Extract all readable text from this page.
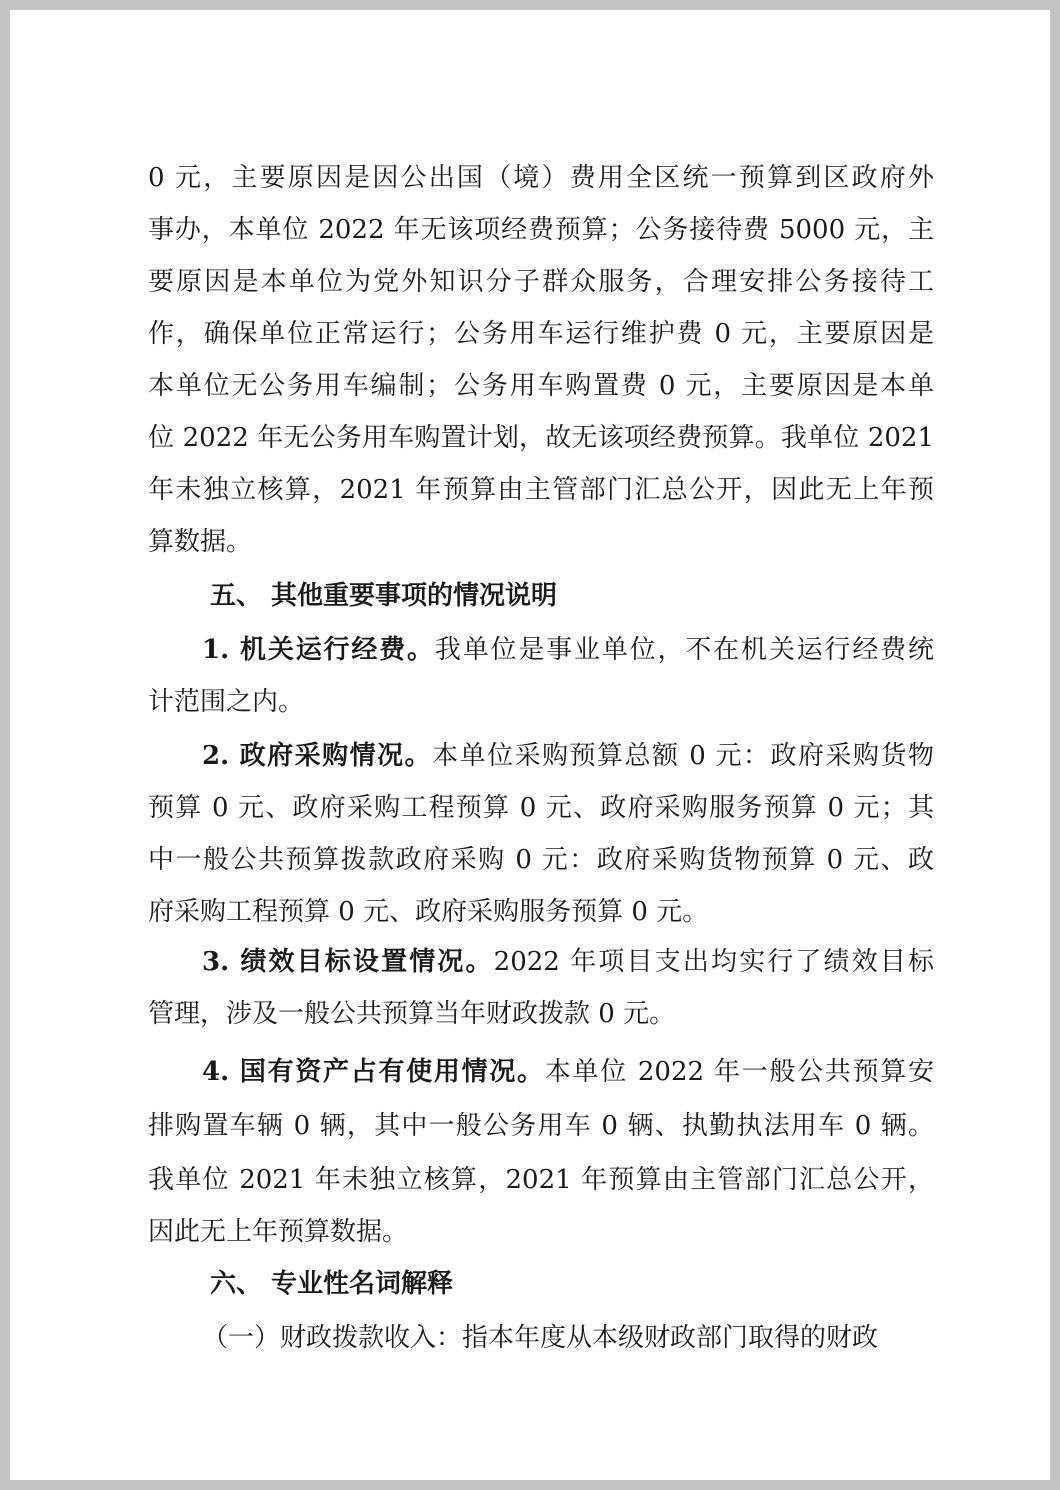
0 元，主要原因是因公出国（境）费用全区统一预算到区政府外
事办，本单位 2022 年无该项经费预算；公务接待费 5000 元，主
要原因是本单位为党外知识分子群众服务，合理安排公务接待工
作，确保单位正常运行；公务用车运行维护费 0 元，主要原因是
本单位无公务用车编制；公务用车购置费 0 元，主要原因是本单
位 2022 年无公务用车购置计划，故无该项经费预算。我单位 2021
年未独立核算，2021 年预算由主管部门汇总公开，因此无上年预
算数据。
五、 其他重要事项的情况说明
1. 机关运行经费。我单位是事业单位，不在机关运行经费统
计范围之内。
2. 政府采购情况。本单位采购预算总额 0 元：政府采购货物
预算 0 元、政府采购工程预算 0 元、政府采购服务预算 0 元；其
中一般公共预算拨款政府采购 0 元：政府采购货物预算 0 元、政
府采购工程预算 0 元、政府采购服务预算 0 元。
3. 绩效目标设置情况。2022 年项目支出均实行了绩效目标
管理，涉及一般公共预算当年财政拨款 0 元。
4. 国有资产占有使用情况。本单位 2022 年一般公共预算安
排购置车辆 0 辆，其中一般公务用车 0 辆、执勤执法用车 0 辆。
我单位 2021 年未独立核算，2021 年预算由主管部门汇总公开，
因此无上年预算数据。
六、 专业性名词解释
（一）财政拨款收入：指本年度从本级财政部门取得的财政
